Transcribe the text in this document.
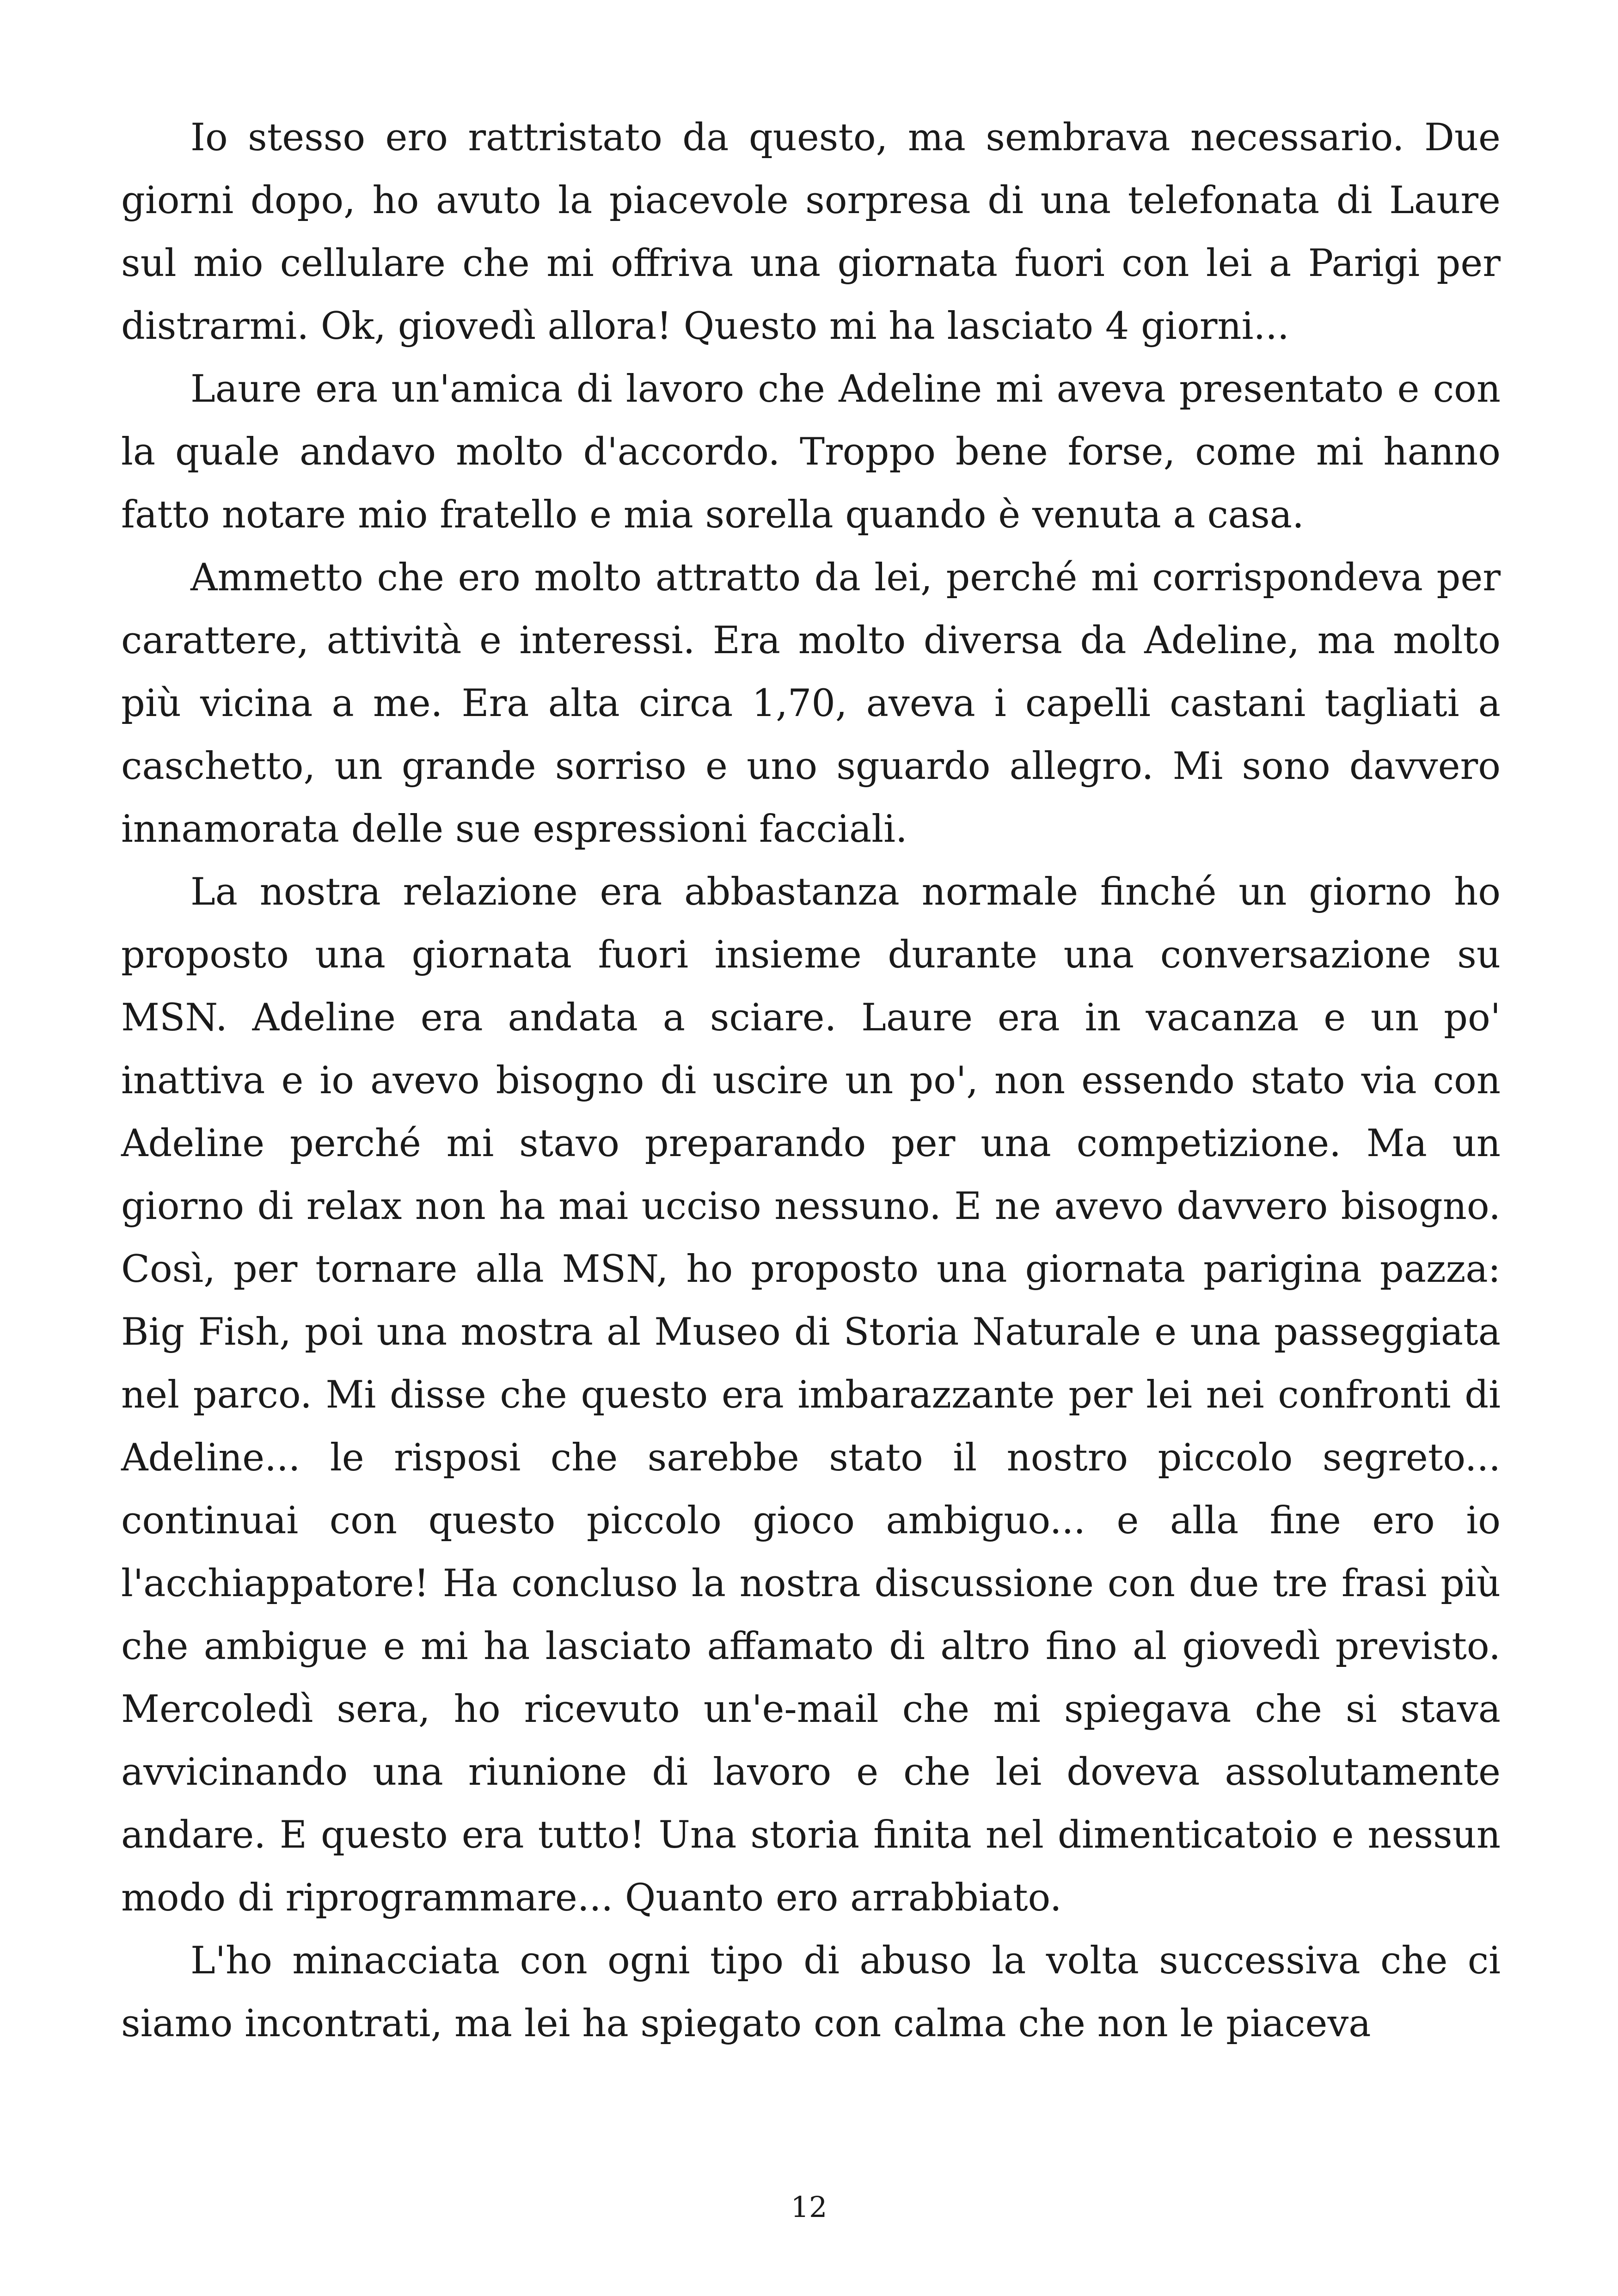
Io stesso ero rattristato da questo, ma sembrava necessario. Due giorni dopo, ho avuto la piacevole sorpresa di una telefonata di Laure sul mio cellulare che mi offriva una giornata fuori con lei a Parigi per distrarmi. Ok, giovedì allora! Questo mi ha lasciato 4 giorni...

Laure era un'amica di lavoro che Adeline mi aveva presentato e con la quale andavo molto d'accordo. Troppo bene forse, come mi hanno fatto notare mio fratello e mia sorella quando è venuta a casa.

Ammetto che ero molto attratto da lei, perché mi corrispondeva per carattere, attività e interessi. Era molto diversa da Adeline, ma molto più vicina a me. Era alta circa 1,70, aveva i capelli castani tagliati a caschetto, un grande sorriso e uno sguardo allegro. Mi sono davvero innamorata delle sue espressioni facciali.

La nostra relazione era abbastanza normale finché un giorno ho proposto una giornata fuori insieme durante una conversazione su MSN. Adeline era andata a sciare. Laure era in vacanza e un po' inattiva e io avevo bisogno di uscire un po', non essendo stato via con Adeline perché mi stavo preparando per una competizione. Ma un giorno di relax non ha mai ucciso nessuno. E ne avevo davvero bisogno. Così, per tornare alla MSN, ho proposto una giornata parigina pazza: Big Fish, poi una mostra al Museo di Storia Naturale e una passeggiata nel parco. Mi disse che questo era imbarazzante per lei nei confronti di Adeline... le risposi che sarebbe stato il nostro piccolo segreto... continuai con questo piccolo gioco ambiguo... e alla fine ero io l'acchiappatore! Ha concluso la nostra discussione con due tre frasi più che ambigue e mi ha lasciato affamato di altro fino al giovedì previsto. Mercoledì sera, ho ricevuto un'e-mail che mi spiegava che si stava avvicinando una riunione di lavoro e che lei doveva assolutamente andare. E questo era tutto! Una storia finita nel dimenticatoio e nessun modo di riprogrammare... Quanto ero arrabbiato.

L'ho minacciata con ogni tipo di abuso la volta successiva che ci siamo incontrati, ma lei ha spiegato con calma che non le piaceva

12
